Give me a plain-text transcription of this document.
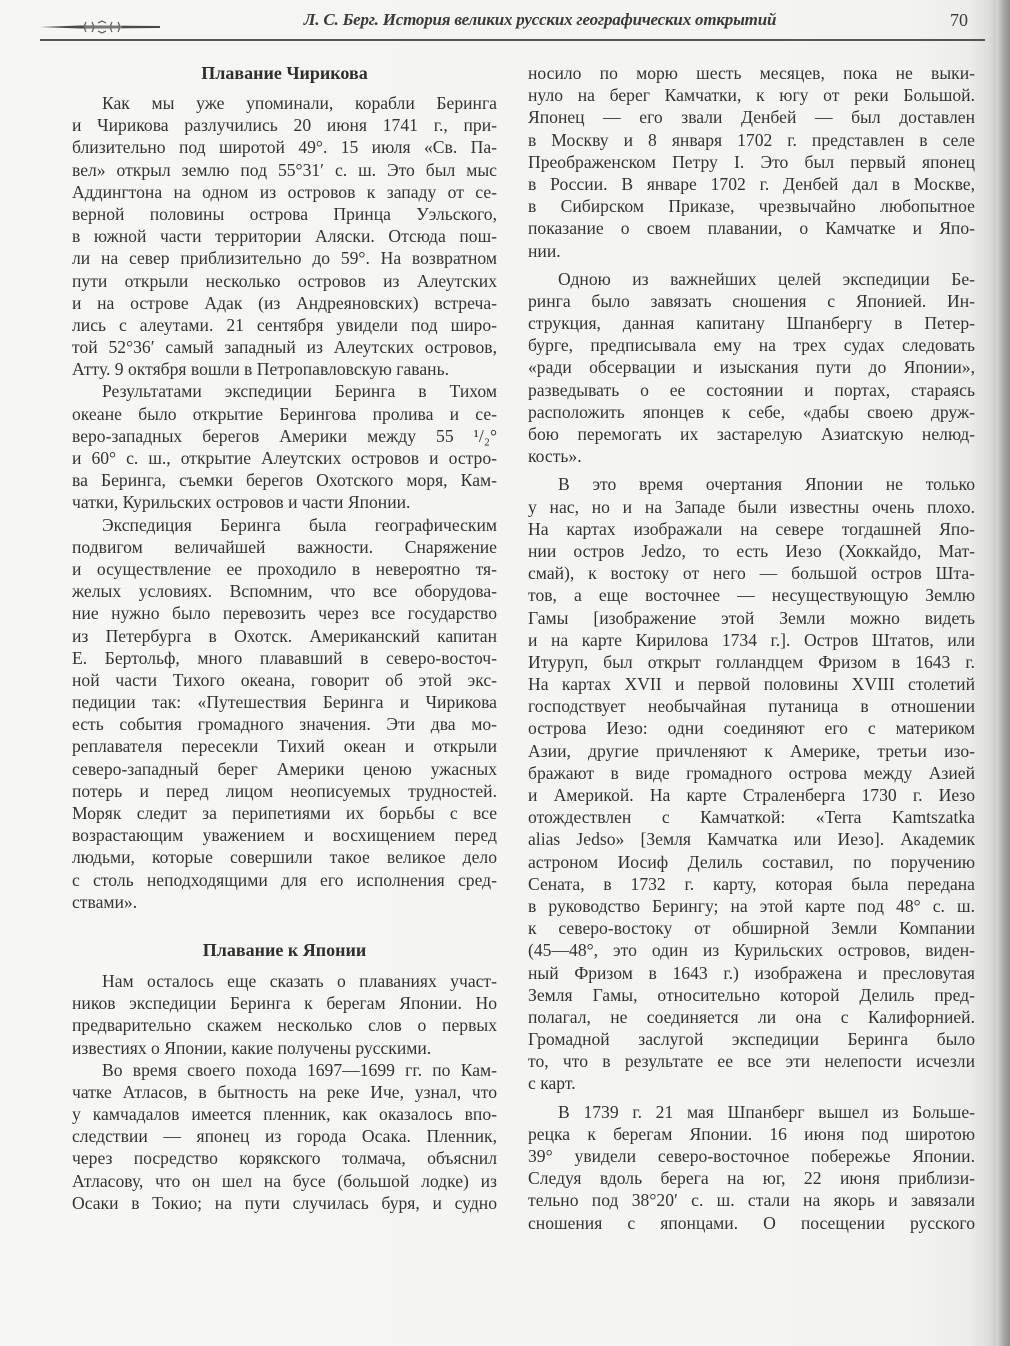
Л. С. Берг. История великих русских географических открытий	70
Плавание Чирикова
Как мы уже упоминали, корабли Беринга
и Чирикова разлучились 20 июня 1741 г., при-
близительно под широтой 49°. 15 июля «Св. Па-
вел» открыл землю под 55°31′ с. ш. Это был мыс
Аддингтона на одном из островов к западу от се-
верной половины острова Принца Уэльского,
в южной части территории Аляски. Отсюда пош-
ли на север приблизительно до 59°. На возвратном
пути открыли несколько островов из Алеутских
и на острове Адак (из Андреяновских) встреча-
лись с алеутами. 21 сентября увидели под широ-
той 52°36′ самый западный из Алеутских островов,
Атту. 9 октября вошли в Петропавловскую гавань.
Результатами экспедиции Беринга в Тихом
океане было открытие Берингова пролива и се-
веро-западных берегов Америки между 55 ¹/₂°
и 60° с. ш., открытие Алеутских островов и остро-
ва Беринга, съемки берегов Охотского моря, Кам-
чатки, Курильских островов и части Японии.
Экспедиция Беринга была географическим
подвигом величайшей важности. Снаряжение
и осуществление ее проходило в невероятно тя-
желых условиях. Вспомним, что все оборудова-
ние нужно было перевозить через все государство
из Петербурга в Охотск. Американский капитан
Е. Бертольф, много плававший в северо-восточ-
ной части Тихого океана, говорит об этой экс-
педиции так: «Путешествия Беринга и Чирикова
есть события громадного значения. Эти два мо-
реплавателя пересекли Тихий океан и открыли
северо-западный берег Америки ценою ужасных
потерь и перед лицом неописуемых трудностей.
Моряк следит за перипетиями их борьбы с все
возрастающим уважением и восхищением перед
людьми, которые совершили такое великое дело
с столь неподходящими для его исполнения сред-
ствами».
Плавание к Японии
Нам осталось еще сказать о плаваниях участ-
ников экспедиции Беринга к берегам Японии. Но
предварительно скажем несколько слов о первых
известиях о Японии, какие получены русскими.
Во время своего похода 1697—1699 гг. по Кам-
чатке Атласов, в бытность на реке Иче, узнал, что
у камчадалов имеется пленник, как оказалось впо-
следствии — японец из города Осака. Пленник,
через посредство корякского толмача, объяснил
Атласову, что он шел на бусе (большой лодке) из
Осаки в Токио; на пути случилась буря, и судно
носило по морю шесть месяцев, пока не выки-
нуло на берег Камчатки, к югу от реки Большой.
Японец — его звали Денбей — был доставлен
в Москву и 8 января 1702 г. представлен в селе
Преображенском Петру I. Это был первый японец
в России. В январе 1702 г. Денбей дал в Москве,
в Сибирском Приказе, чрезвычайно любопытное
показание о своем плавании, о Камчатке и Япо-
нии.
Одною из важнейших целей экспедиции Бе-
ринга было завязать сношения с Японией. Ин-
струкция, данная капитану Шпанбергу в Петер-
бурге, предписывала ему на трех судах следовать
«ради обсервации и изыскания пути до Японии»,
разведывать о ее состоянии и портах, стараясь
расположить японцев к себе, «дабы своею друж-
бою перемогать их застарелую Азиатскую нелюд-
кость».
В это время очертания Японии не только
у нас, но и на Западе были известны очень плохо.
На картах изображали на севере тогдашней Япо-
нии остров Jedzo, то есть Иезо (Хоккайдо, Мат-
смай), к востоку от него — большой остров Шта-
тов, а еще восточнее — несуществующую Землю
Гамы [изображение этой Земли можно видеть
и на карте Кирилова 1734 г.]. Остров Штатов, или
Итуруп, был открыт голландцем Фризом в 1643 г.
На картах XVII и первой половины XVIII столетий
господствует необычайная путаница в отношении
острова Иезо: одни соединяют его с материком
Азии, другие причленяют к Америке, третьи изо-
бражают в виде громадного острова между Азией
и Америкой. На карте Страленберга 1730 г. Иезо
отождествлен с Камчаткой: «Terra Kamtszatka
alias Jedso» [Земля Камчатка или Иезо]. Академик
астроном Иосиф Делиль составил, по поручению
Сената, в 1732 г. карту, которая была передана
в руководство Берингу; на этой карте под 48° с. ш.
к северо-востоку от обширной Земли Компании
(45—48°, это один из Курильских островов, виден-
ный Фризом в 1643 г.) изображена и пресловутая
Земля Гамы, относительно которой Делиль пред-
полагал, не соединяется ли она с Калифорнией.
Громадной заслугой экспедиции Беринга было
то, что в результате ее все эти нелепости исчезли
с карт.
В 1739 г. 21 мая Шпанберг вышел из Больше-
рецка к берегам Японии. 16 июня под широтою
39° увидели северо-восточное побережье Японии.
Следуя вдоль берега на юг, 22 июня приблизи-
тельно под 38°20′ с. ш. стали на якорь и завязали
сношения с японцами. О посещении русского
